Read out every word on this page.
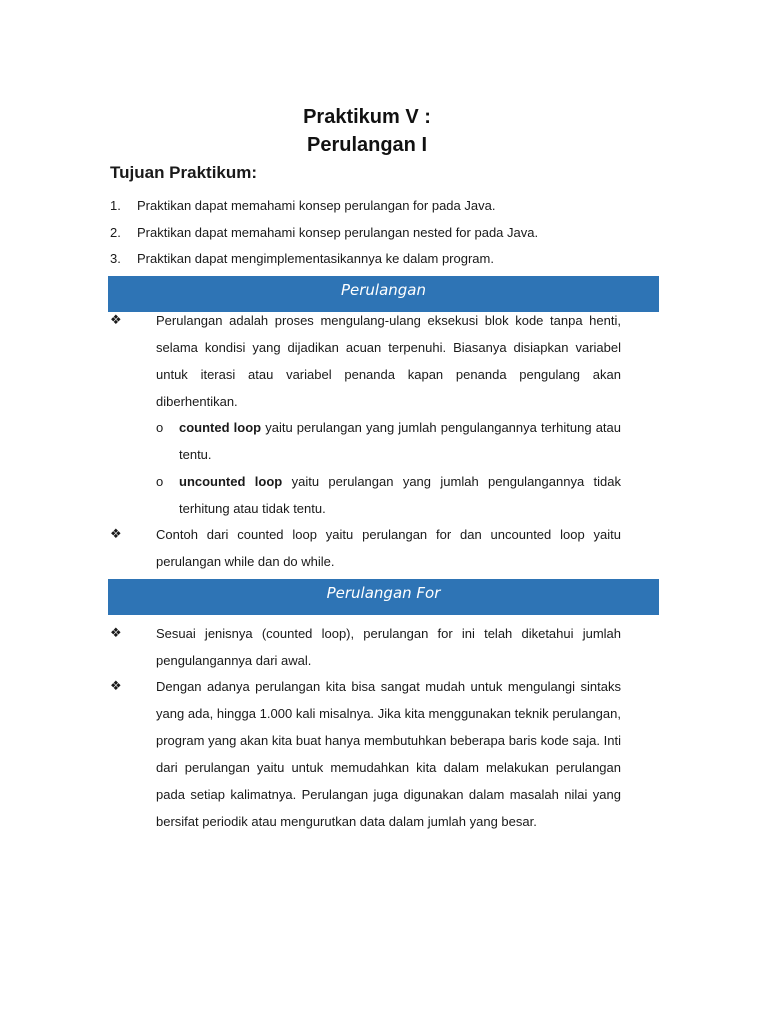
Praktikum V :
Perulangan I
Tujuan Praktikum:
1.	Praktikan dapat memahami konsep perulangan for pada Java.
2.	Praktikan dapat memahami konsep perulangan nested for pada Java.
3.	Praktikan dapat mengimplementasikannya ke dalam program.
Perulangan
❖	Perulangan adalah proses mengulang-ulang eksekusi blok kode tanpa henti, selama kondisi yang dijadikan acuan terpenuhi. Biasanya disiapkan variabel untuk iterasi atau variabel penanda kapan penanda pengulang akan diberhentikan.
o counted loop yaitu perulangan yang jumlah pengulangannya terhitung atau tentu.
o uncounted loop yaitu perulangan yang jumlah pengulangannya tidak terhitung atau tidak tentu.
❖	Contoh dari counted loop yaitu perulangan for dan uncounted loop yaitu perulangan while dan do while.
Perulangan For
❖	Sesuai jenisnya (counted loop), perulangan for ini telah diketahui jumlah pengulangannya dari awal.
❖	Dengan adanya perulangan kita bisa sangat mudah untuk mengulangi sintaks yang ada, hingga 1.000 kali misalnya. Jika kita menggunakan teknik perulangan, program yang akan kita buat hanya membutuhkan beberapa baris kode saja. Inti dari perulangan yaitu untuk memudahkan kita dalam melakukan perulangan pada setiap kalimatnya. Perulangan juga digunakan dalam masalah nilai yang bersifat periodik atau mengurutkan data dalam jumlah yang besar.
